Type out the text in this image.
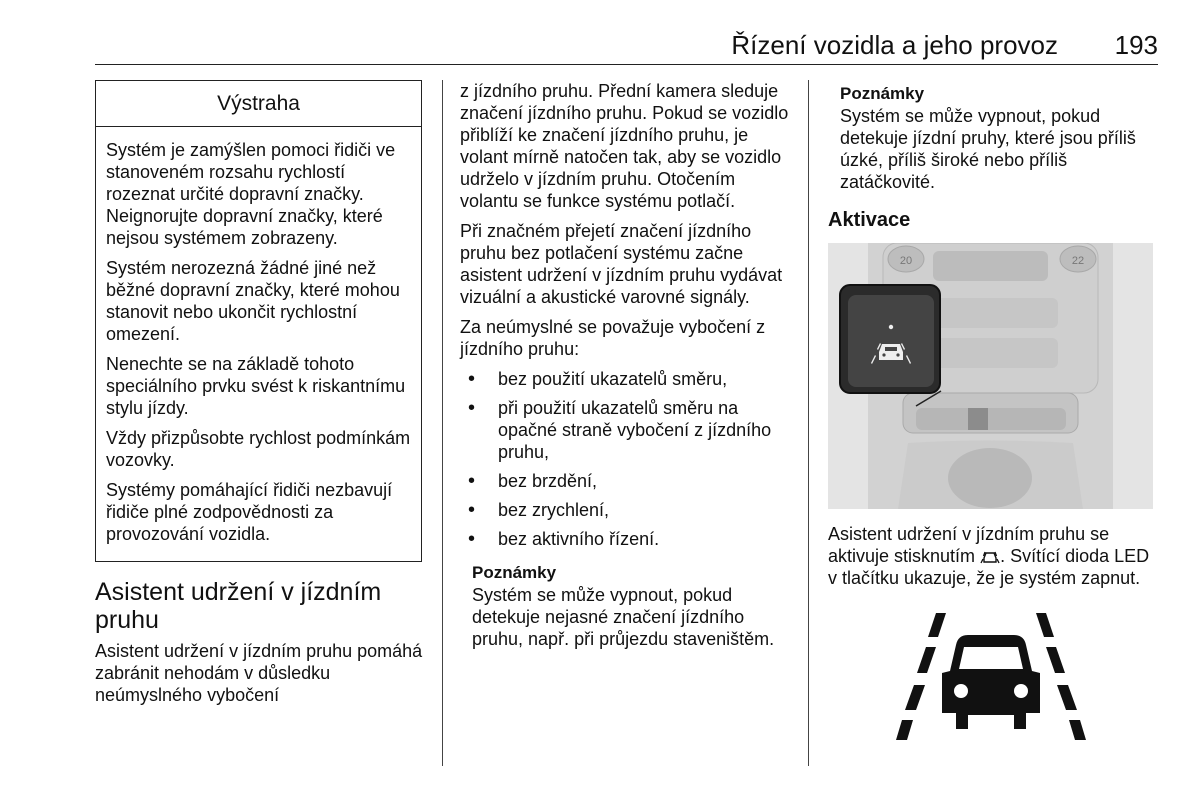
Řízení vozidla a jeho provoz 193
Výstraha

Systém je zamýšlen pomoci řidiči ve stanoveném rozsahu rychlostí rozeznat určité dopravní značky. Neignorujte dopravní značky, které nejsou systémem zobrazeny.

Systém nerozezná žádné jiné než běžné dopravní značky, které mohou stanovit nebo ukončit rychlostní omezení.

Nenechte se na základě tohoto speciálního prvku svést k riskantnímu stylu jízdy.

Vždy přizpůsobte rychlost podmínkám vozovky.

Systémy pomáhající řidiči nezbavují řidiče plné zodpovědnosti za provozování vozidla.

Asistent udržení v jízdním pruhu

Asistent udržení v jízdním pruhu pomáhá zabránit nehodám v důsledku neúmyslného vybočení

z jízdního pruhu. Přední kamera sleduje značení jízdního pruhu. Pokud se vozidlo přiblíží ke značení jízdního pruhu, je volant mírně natočen tak, aby se vozidlo udrželo v jízdním pruhu. Otočením volantu se funkce systému potlačí.

Při značném přejetí značení jízdního pruhu bez potlačení systému začne asistent udržení v jízdním pruhu vydávat vizuální a akustické varovné signály.

Za neúmyslné se považuje vybočení z jízdního pruhu:

• bez použití ukazatelů směru,
• při použití ukazatelů směru na opačné straně vybočení z jízdního pruhu,
• bez brzdění,
• bez zrychlení,
• bez aktivního řízení.
Poznámky
Systém se může vypnout, pokud detekuje nejasné značení jízdního pruhu, např. při průjezdu staveništěm.
Poznámky
Systém se může vypnout, pokud detekuje jízdní pruhy, které jsou příliš úzké, příliš široké nebo příliš zatáčkovité.
Aktivace
20	22

Asistent udržení v jízdním pruhu se aktivuje stisknutím . Svítící dioda LED v tlačítku ukazuje, že je systém zapnut.
